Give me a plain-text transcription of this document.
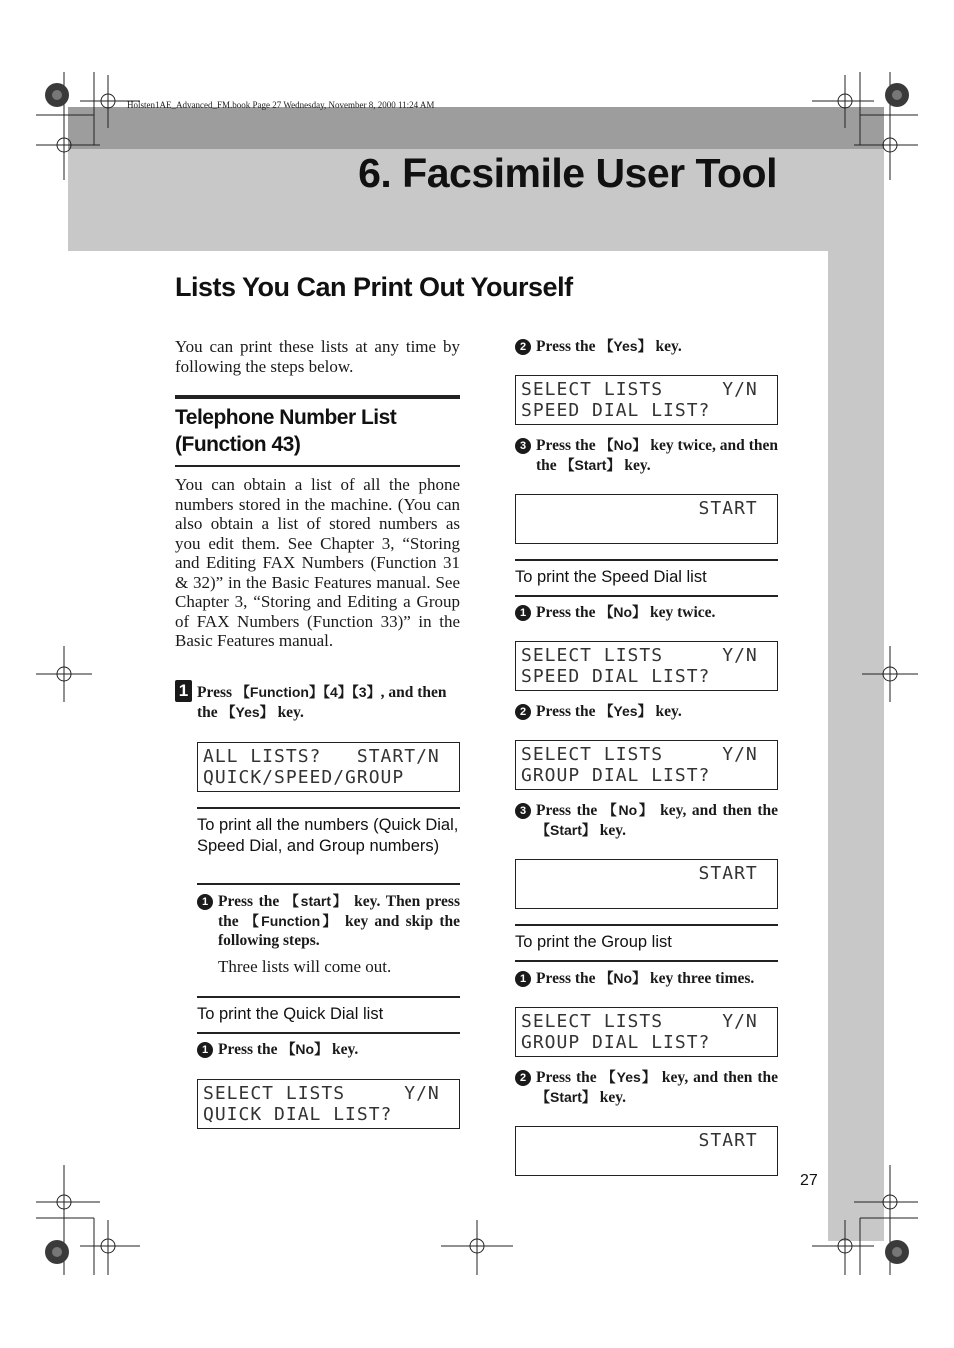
Holsten1AE_Advanced_FM.book Page 27 Wednesday, November 8, 2000 11:24 AM
6. Facsimile User Tool
Lists You Can Print Out Yourself
You can print these lists at any time by following the steps below.
Telephone Number List
(Function 43)
You can obtain a list of all the phone numbers stored in the machine. (You can also obtain a list of stored numbers as you edit them. See Chapter 3, “Storing and Editing FAX Numbers (Function 31 & 32)” in the Basic Features manual. See Chapter 3, “Storing and Editing a Group of FAX Numbers (Function 33)” in the Basic Features manual.
1 Press 【Function】【4】【3】, and then
the 【Yes】 key.
ALL LISTS?   START/N
QUICK/SPEED/GROUP
To print all the numbers (Quick Dial, Speed Dial, and Group numbers)
1 Press the 【start】 key. Then press the 【Function】 key and skip the following steps.
Three lists will come out.
To print the Quick Dial list
1 Press the 【No】 key.
SELECT LISTS     Y/N
QUICK DIAL LIST?
2 Press the 【Yes】 key.
SELECT LISTS     Y/N
SPEED DIAL LIST?
3 Press the 【No】 key twice, and then the 【Start】 key.
START
To print the Speed Dial list
1 Press the 【No】 key twice.
SELECT LISTS     Y/N
SPEED DIAL LIST?
2 Press the 【Yes】 key.
SELECT LISTS     Y/N
GROUP DIAL LIST?
3 Press the 【No】 key, and then the 【Start】 key.
START
To print the Group list
1 Press the 【No】 key three times.
SELECT LISTS     Y/N
GROUP DIAL LIST?
2 Press the 【Yes】 key, and then the 【Start】 key.
START
27
